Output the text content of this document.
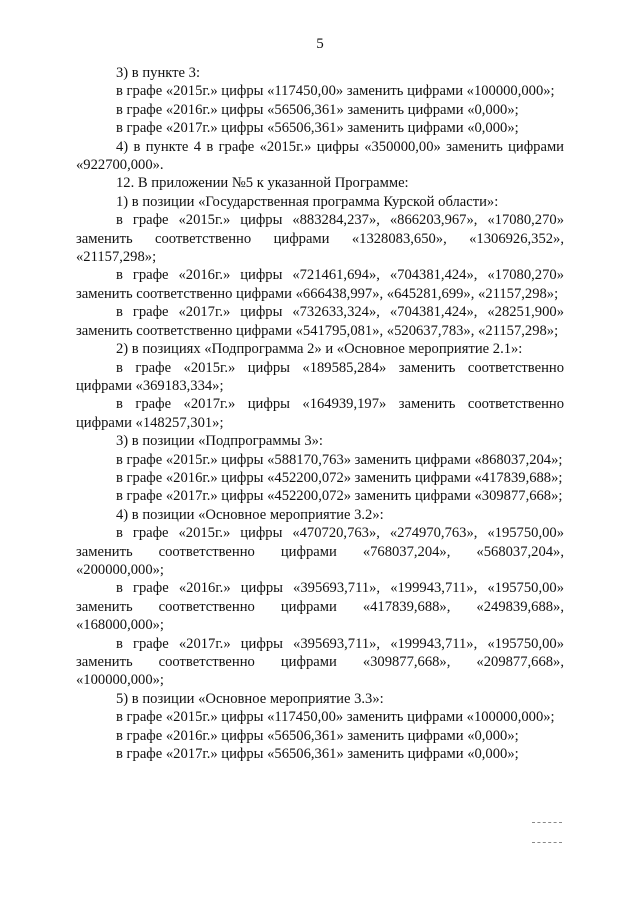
5

3) в пункте 3:

в графе «2015г.» цифры «117450,00» заменить цифрами «100000,000»;

в графе «2016г.» цифры «56506,361» заменить цифрами «0,000»;

в графе «2017г.» цифры «56506,361» заменить цифрами «0,000»;

4) в пункте 4 в графе «2015г.» цифры «350000,00» заменить цифрами «922700,000».

12. В приложении №5 к указанной Программе:

1) в позиции «Государственная программа Курской области»:

в графе «2015г.» цифры «883284,237», «866203,967», «17080,270» заменить соответственно цифрами «1328083,650», «1306926,352», «21157,298»;

в графе «2016г.» цифры «721461,694», «704381,424», «17080,270» заменить соответственно цифрами «666438,997», «645281,699», «21157,298»;

в графе «2017г.» цифры «732633,324», «704381,424», «28251,900» заменить соответственно цифрами «541795,081», «520637,783», «21157,298»;

2) в позициях «Подпрограмма 2» и «Основное мероприятие 2.1»:

в графе «2015г.» цифры «189585,284» заменить соответственно цифрами «369183,334»;

в графе «2017г.» цифры «164939,197» заменить соответственно цифрами «148257,301»;

3) в позиции «Подпрограммы 3»:

в графе «2015г.» цифры «588170,763» заменить цифрами «868037,204»;

в графе «2016г.» цифры «452200,072» заменить цифрами «417839,688»;

в графе «2017г.» цифры «452200,072» заменить цифрами «309877,668»;

4) в позиции «Основное мероприятие 3.2»:

в графе «2015г.» цифры «470720,763», «274970,763», «195750,00» заменить соответственно цифрами «768037,204», «568037,204», «200000,000»;

в графе «2016г.» цифры «395693,711», «199943,711», «195750,00» заменить соответственно цифрами «417839,688», «249839,688», «168000,000»;

в графе «2017г.» цифры «395693,711», «199943,711», «195750,00» заменить соответственно цифрами «309877,668», «209877,668», «100000,000»;

5) в позиции «Основное мероприятие 3.3»:

в графе «2015г.» цифры «117450,00» заменить цифрами «100000,000»;

в графе «2016г.» цифры «56506,361» заменить цифрами «0,000»;

в графе «2017г.» цифры «56506,361» заменить цифрами «0,000»;
